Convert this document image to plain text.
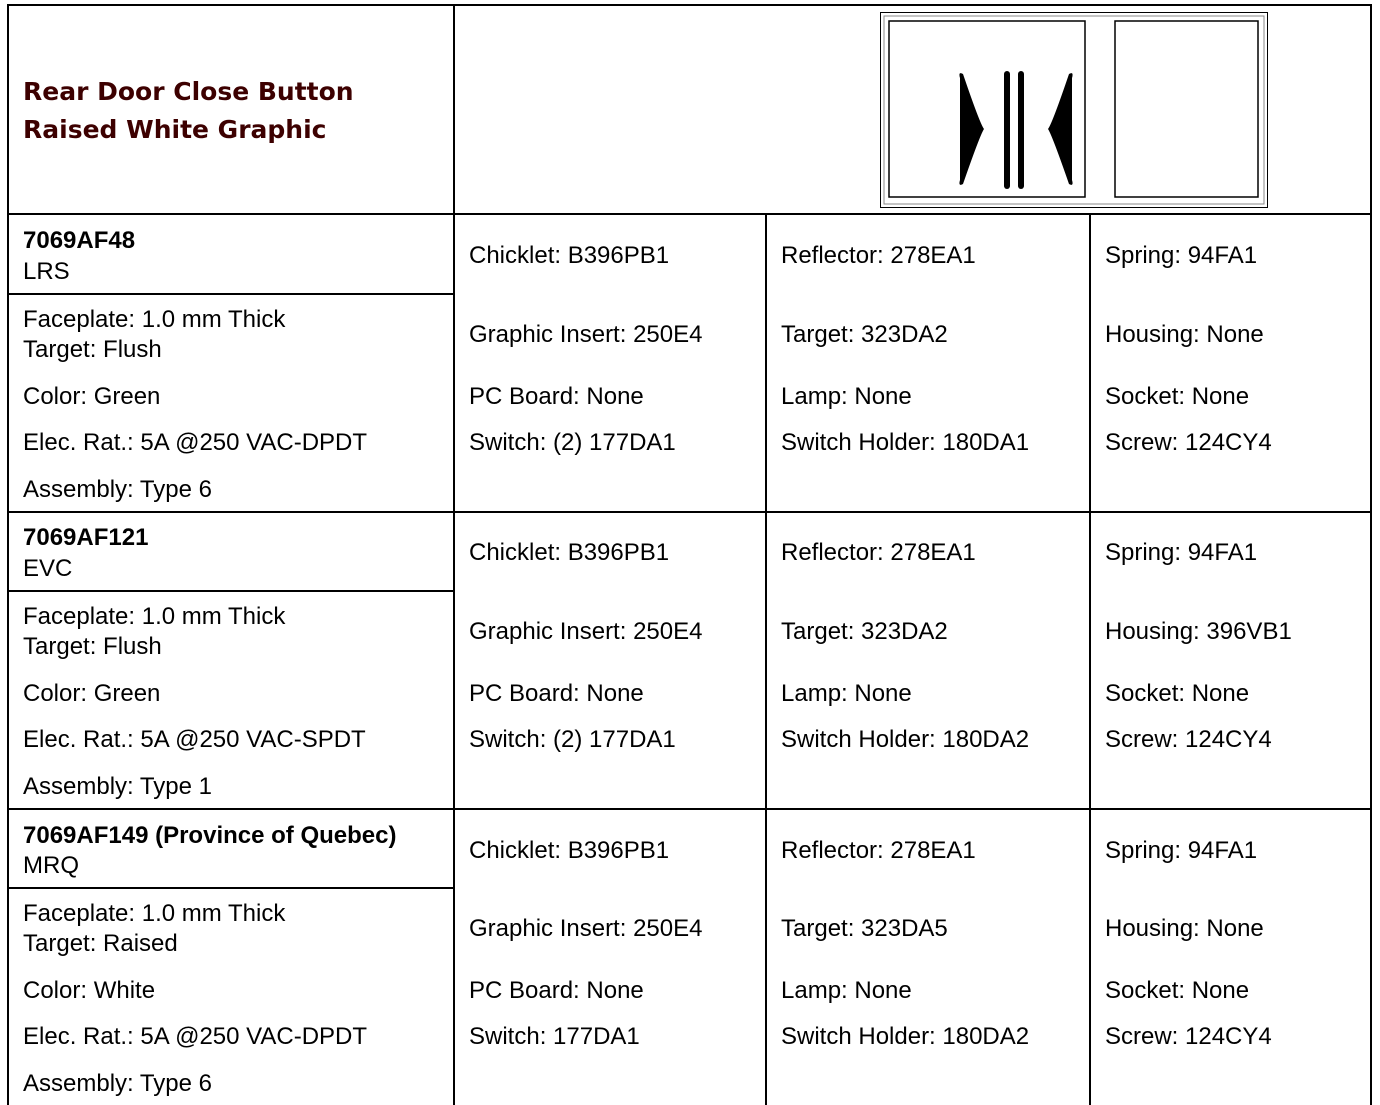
Rear Door Close Button
Raised White Graphic
7069AF48
LRS
Faceplate: 1.0 mm Thick
Target: Flush
Color: Green
Elec. Rat.: 5A @250 VAC-DPDT
Assembly: Type 6
Chicklet: B396PB1
Graphic Insert: 250E4
PC Board: None
Switch: (2) 177DA1
Reflector: 278EA1
Target: 323DA2
Lamp: None
Switch Holder: 180DA1
Spring: 94FA1
Housing: None
Socket: None
Screw: 124CY4
7069AF121
EVC
Faceplate: 1.0 mm Thick
Target: Flush
Color: Green
Elec. Rat.: 5A @250 VAC-SPDT
Assembly: Type 1
Chicklet: B396PB1
Graphic Insert: 250E4
PC Board: None
Switch: (2) 177DA1
Reflector: 278EA1
Target: 323DA2
Lamp: None
Switch Holder: 180DA2
Spring: 94FA1
Housing: 396VB1
Socket: None
Screw: 124CY4
7069AF149 (Province of Quebec)
MRQ
Faceplate: 1.0 mm Thick
Target: Raised
Color: White
Elec. Rat.: 5A @250 VAC-DPDT
Assembly: Type 6
Chicklet: B396PB1
Graphic Insert: 250E4
PC Board: None
Switch: 177DA1
Reflector: 278EA1
Target: 323DA5
Lamp: None
Switch Holder: 180DA2
Spring: 94FA1
Housing: None
Socket: None
Screw: 124CY4
